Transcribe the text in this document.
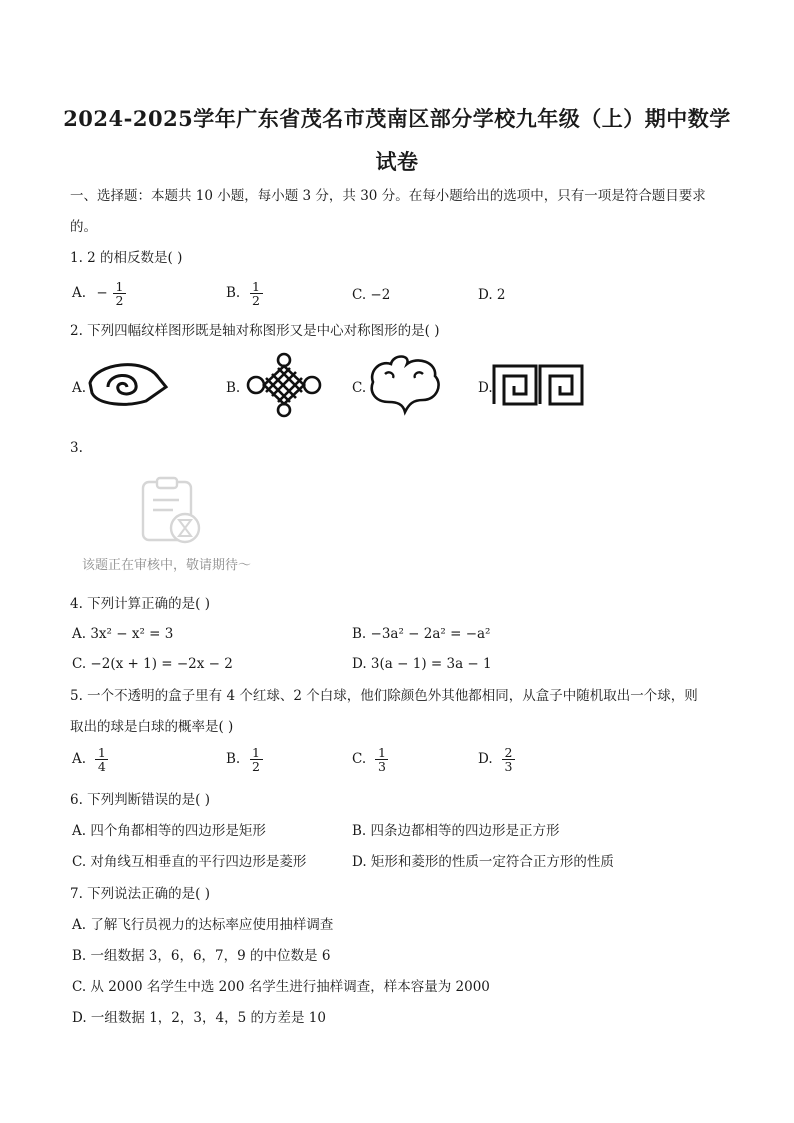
2024-2025学年广东省茂名市茂南区部分学校九年级（上）期中数学
试卷
一、选择题：本题共 10 小题，每小题 3 分，共 30 分。在每小题给出的选项中，只有一项是符合题目要求
的。
1. 2 的相反数是( )
A. − $\frac{1}{2}$	B. $\frac{1}{2}$	C. −2	D. 2
2. 下列四幅纹样图形既是轴对称图形又是中心对称图形的是( )
A.	B.	C.	D.
3.
该题正在审核中，敬请期待～
4. 下列计算正确的是( )
A. 3x² − x² = 3	B. −3a² − 2a² = −a²
C. −2(x + 1) = −2x − 2	D. 3(a − 1) = 3a − 1
5. 一个不透明的盒子里有 4 个红球、2 个白球，他们除颜色外其他都相同，从盒子中随机取出一个球，则
取出的球是白球的概率是( )
A. $\frac{1}{4}$	B. $\frac{1}{2}$	C. $\frac{1}{3}$	D. $\frac{2}{3}$
6. 下列判断错误的是( )
A. 四个角都相等的四边形是矩形	B. 四条边都相等的四边形是正方形
C. 对角线互相垂直的平行四边形是菱形	D. 矩形和菱形的性质一定符合正方形的性质
7. 下列说法正确的是( )
A. 了解飞行员视力的达标率应使用抽样调查
B. 一组数据 3，6，6，7，9 的中位数是 6
C. 从 2000 名学生中选 200 名学生进行抽样调查，样本容量为 2000
D. 一组数据 1，2，3，4，5 的方差是 10
